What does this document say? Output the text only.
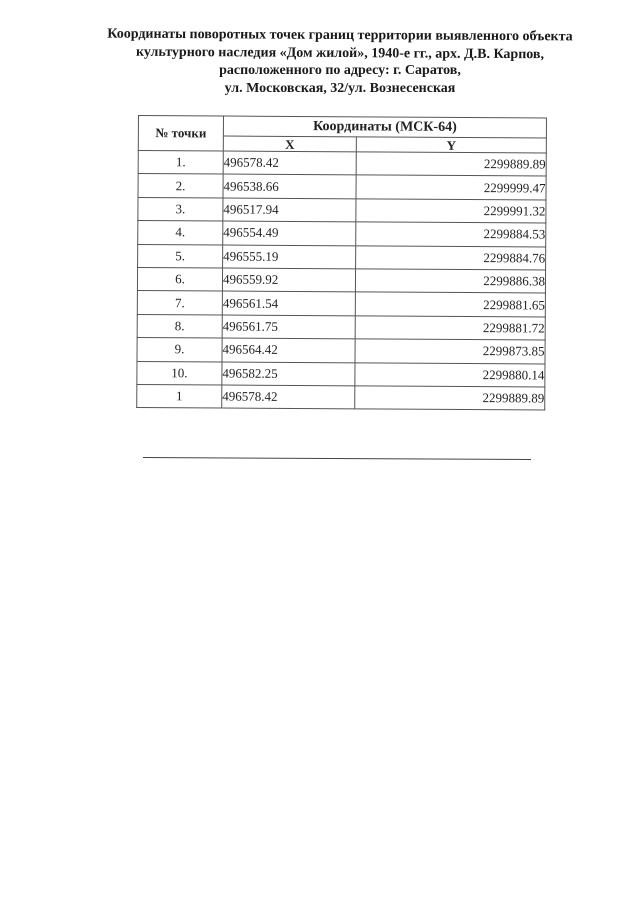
Координаты поворотных точек границ территории выявленного объекта
культурного наследия «Дом жилой», 1940-е гг., арх. Д.В. Карпов,
расположенного по адресу: г. Саратов,
ул. Московская, 32/ул. Вознесенская
№ точки	Координаты (МСК-64)	
	X	Y
1.	496578.42	2299889.89
2.	496538.66	2299999.47
3.	496517.94	2299991.32
4.	496554.49	2299884.53
5.	496555.19	2299884.76
6.	496559.92	2299886.38
7.	496561.54	2299881.65
8.	496561.75	2299881.72
9.	496564.42	2299873.85
10.	496582.25	2299880.14
1	496578.42	2299889.89
